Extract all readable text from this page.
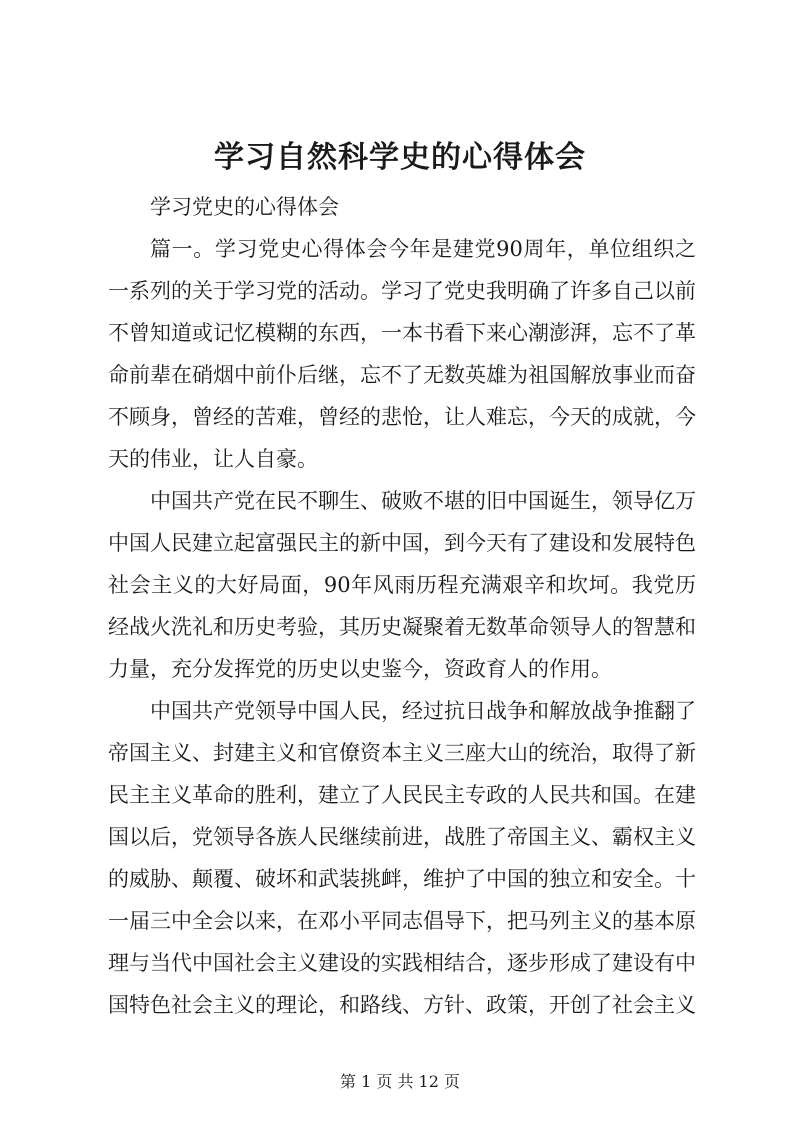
学习自然科学史的心得体会

学习党史的心得体会

篇一。学习党史心得体会今年是建党90周年，单位组织之一系列的关于学习党的活动。学习了党史我明确了许多自己以前不曾知道或记忆模糊的东西，一本书看下来心潮澎湃，忘不了革命前辈在硝烟中前仆后继，忘不了无数英雄为祖国解放事业而奋不顾身，曾经的苦难，曾经的悲怆，让人难忘，今天的成就，今天的伟业，让人自豪。

中国共产党在民不聊生、破败不堪的旧中国诞生，领导亿万中国人民建立起富强民主的新中国，到今天有了建设和发展特色社会主义的大好局面，90年风雨历程充满艰辛和坎坷。我党历经战火洗礼和历史考验，其历史凝聚着无数革命领导人的智慧和力量，充分发挥党的历史以史鉴今，资政育人的作用。

中国共产党领导中国人民，经过抗日战争和解放战争推翻了帝国主义、封建主义和官僚资本主义三座大山的统治，取得了新民主主义革命的胜利，建立了人民民主专政的人民共和国。在建国以后，党领导各族人民继续前进，战胜了帝国主义、霸权主义的威胁、颠覆、破坏和武装挑衅，维护了中国的独立和安全。十一届三中全会以来，在邓小平同志倡导下，把马列主义的基本原理与当代中国社会主义建设的实践相结合，逐步形成了建设有中国特色社会主义的理论，和路线、方针、政策，开创了社会主义

第 1 页 共 12 页
